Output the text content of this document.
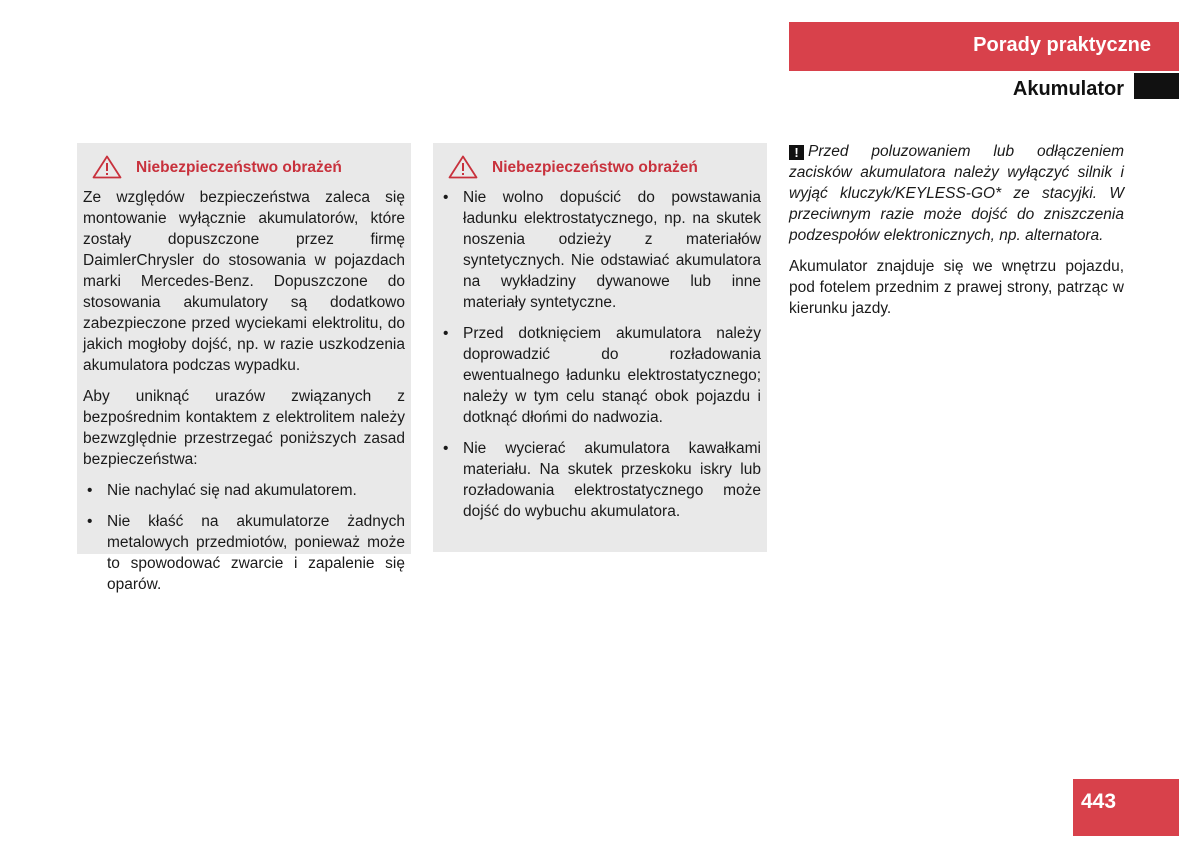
Porady praktyczne
Akumulator
Niebezpieczeństwo obrażeń

Ze względów bezpieczeństwa zaleca się montowanie wyłącznie akumulatorów, które zostały dopuszczone przez firmę DaimlerChrysler do stosowania w pojazdach marki Mercedes-Benz. Dopuszczone do stosowania akumulatory są dodatkowo zabezpieczone przed wyciekami elektrolitu, do jakich mogłoby dojść, np. w razie uszkodzenia akumulatora podczas wypadku.

Aby uniknąć urazów związanych z bezpośrednim kontaktem z elektrolitem należy bezwzględnie przestrzegać poniższych zasad bezpieczeństwa:

• Nie nachylać się nad akumulatorem.
• Nie kłaść na akumulatorze żadnych metalowych przedmiotów, ponieważ może to spowodować zwarcie i zapalenie się oparów.
Niebezpieczeństwo obrażeń
• Nie wolno dopuścić do powstawania ładunku elektrostatycznego, np. na skutek noszenia odzieży z materiałów syntetycznych. Nie odstawiać akumulatora na wykładziny dywanowe lub inne materiały syntetyczne.
• Przed dotknięciem akumulatora należy doprowadzić do rozładowania ewentualnego ładunku elektrostatycznego; należy w tym celu stanąć obok pojazdu i dotknąć dłońmi do nadwozia.
• Nie wycierać akumulatora kawałkami materiału. Na skutek przeskoku iskry lub rozładowania elektrostatycznego może dojść do wybuchu akumulatora.

! Przed poluzowaniem lub odłączeniem zacisków akumulatora należy wyłączyć silnik i wyjąć kluczyk/KEYLESS-GO* ze stacyjki. W przeciwnym razie może dojść do zniszczenia podzespołów elektronicznych, np. alternatora.

Akumulator znajduje się we wnętrzu pojazdu, pod fotelem przednim z prawej strony, patrząc w kierunku jazdy.

443
